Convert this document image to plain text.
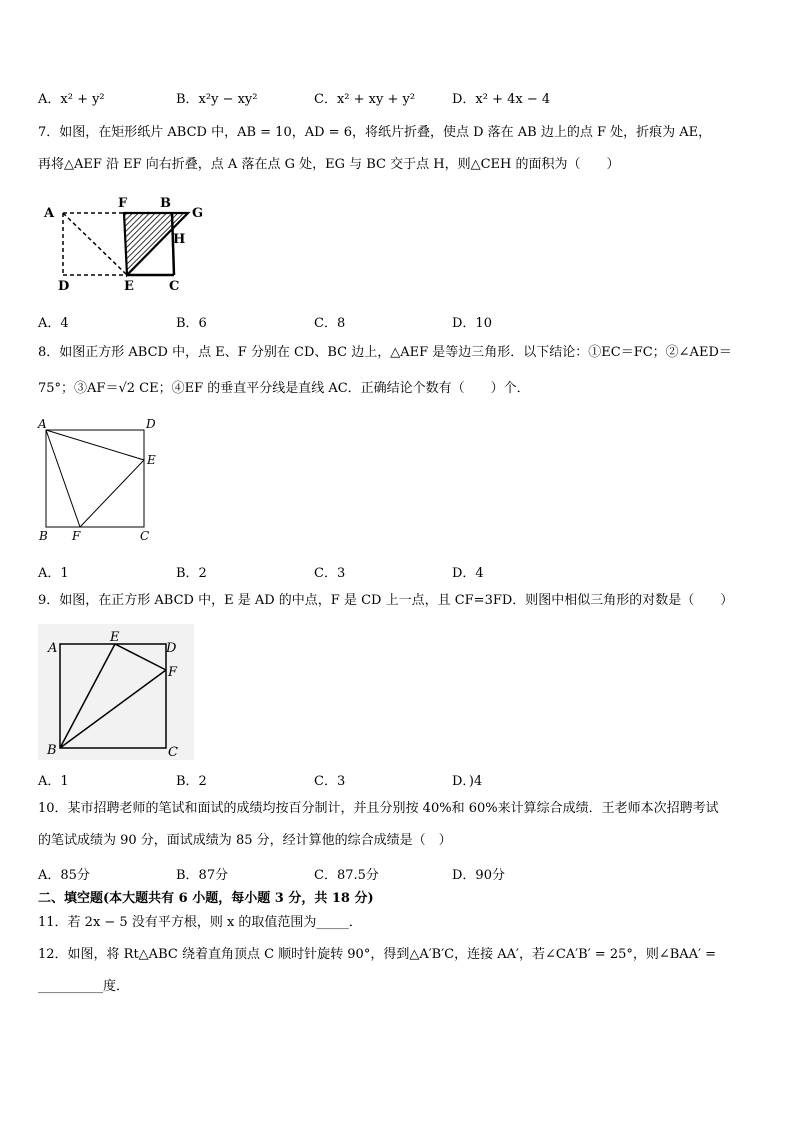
A．x² + y²	B．x²y − xy²	C．x² + xy + y²	D．x² + 4x − 4
7．如图，在矩形纸片 ABCD 中，AB = 10，AD = 6，将纸片折叠，使点 D 落在 AB 边上的点 F 处，折痕为 AE，
再将△AEF 沿 EF 向右折叠，点 A 落在点 G 处，EG 与 BC 交于点 H，则△CEH 的面积为（　　）
A
F	B
G
H
D	E	C
A．4	B．6	C．8	D．10
8．如图正方形 ABCD 中，点 E、F 分别在 CD、BC 边上，△AEF 是等边三角形．以下结论：①EC＝FC；②∠AED＝
75°；③AF＝√2 CE；④EF 的垂直平分线是直线 AC．正确结论个数有（　　）个．
A	D
E
B F	C
A．1	B．2	C．3	D．4
9．如图，在正方形 ABCD 中，E 是 AD 的中点，F 是 CD 上一点，且 CF=3FD．则图中相似三角形的对数是（　　）
A
E
D
F
B	C
A．1	B．2	C．3	D．)4
10．某市招聘老师的笔试和面试的成绩均按百分制计，并且分别按 40%和 60%来计算综合成绩．王老师本次招聘考试
的笔试成绩为 90 分，面试成绩为 85 分，经计算他的综合成绩是（　）
A．85分	B．87分	C．87.5分	D．90分
二、填空题(本大题共有 6 小题，每小题 3 分，共 18 分)
11．若 2x − 5 没有平方根，则 x 的取值范围为_____．
12．如图，将 Rt△ABC 绕着直角顶点 C 顺时针旋转 90°，得到△A′B′C，连接 AA′，若∠CA′B′ = 25°，则∠BAA′ =
__________度．
